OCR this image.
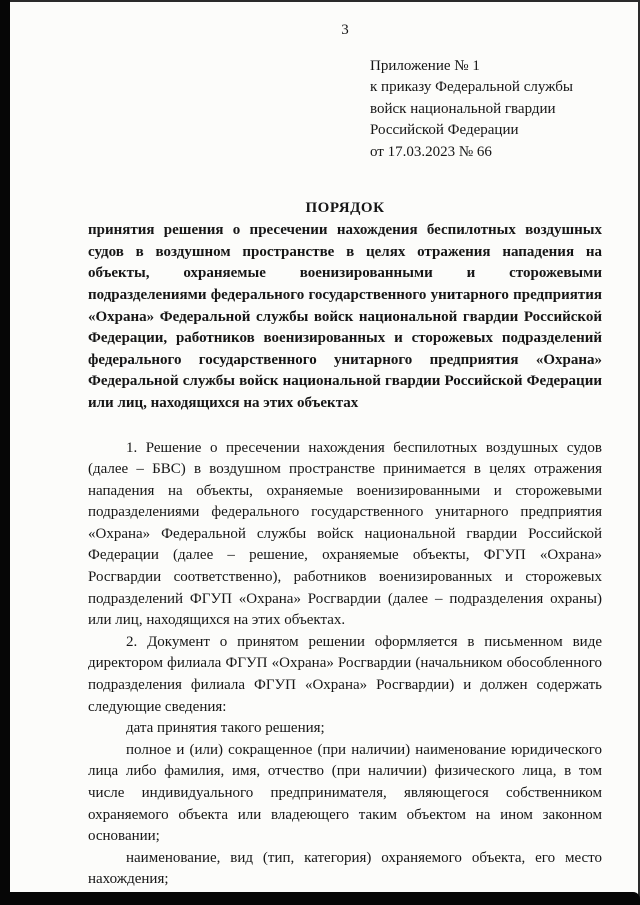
3
Приложение № 1
к приказу Федеральной службы
войск национальной гвардии
Российской Федерации
от 17.03.2023 № 66
ПОРЯДОК
принятия решения о пресечении нахождения беспилотных воздушных судов в воздушном пространстве в целях отражения нападения на объекты, охраняемые военизированными и сторожевыми подразделениями федерального государственного унитарного предприятия «Охрана» Федеральной службы войск национальной гвардии Российской Федерации, работников военизированных и сторожевых подразделений федерального государственного унитарного предприятия «Охрана» Федеральной службы войск национальной гвардии Российской Федерации или лиц, находящихся на этих объектах

1. Решение о пресечении нахождения беспилотных воздушных судов (далее – БВС) в воздушном пространстве принимается в целях отражения нападения на объекты, охраняемые военизированными и сторожевыми подразделениями федерального государственного унитарного предприятия «Охрана» Федеральной службы войск национальной гвардии Российской Федерации (далее – решение, охраняемые объекты, ФГУП «Охрана» Росгвардии соответственно), работников военизированных и сторожевых подразделений ФГУП «Охрана» Росгвардии (далее – подразделения охраны) или лиц, находящихся на этих объектах.

2. Документ о принятом решении оформляется в письменном виде директором филиала ФГУП «Охрана» Росгвардии (начальником обособленного подразделения филиала ФГУП «Охрана» Росгвардии) и должен содержать следующие сведения:

дата принятия такого решения;

полное и (или) сокращенное (при наличии) наименование юридического лица либо фамилия, имя, отчество (при наличии) физического лица, в том числе индивидуального предпринимателя, являющегося собственником охраняемого объекта или владеющего таким объектом на ином законном основании;

наименование, вид (тип, категория) охраняемого объекта, его место нахождения;
